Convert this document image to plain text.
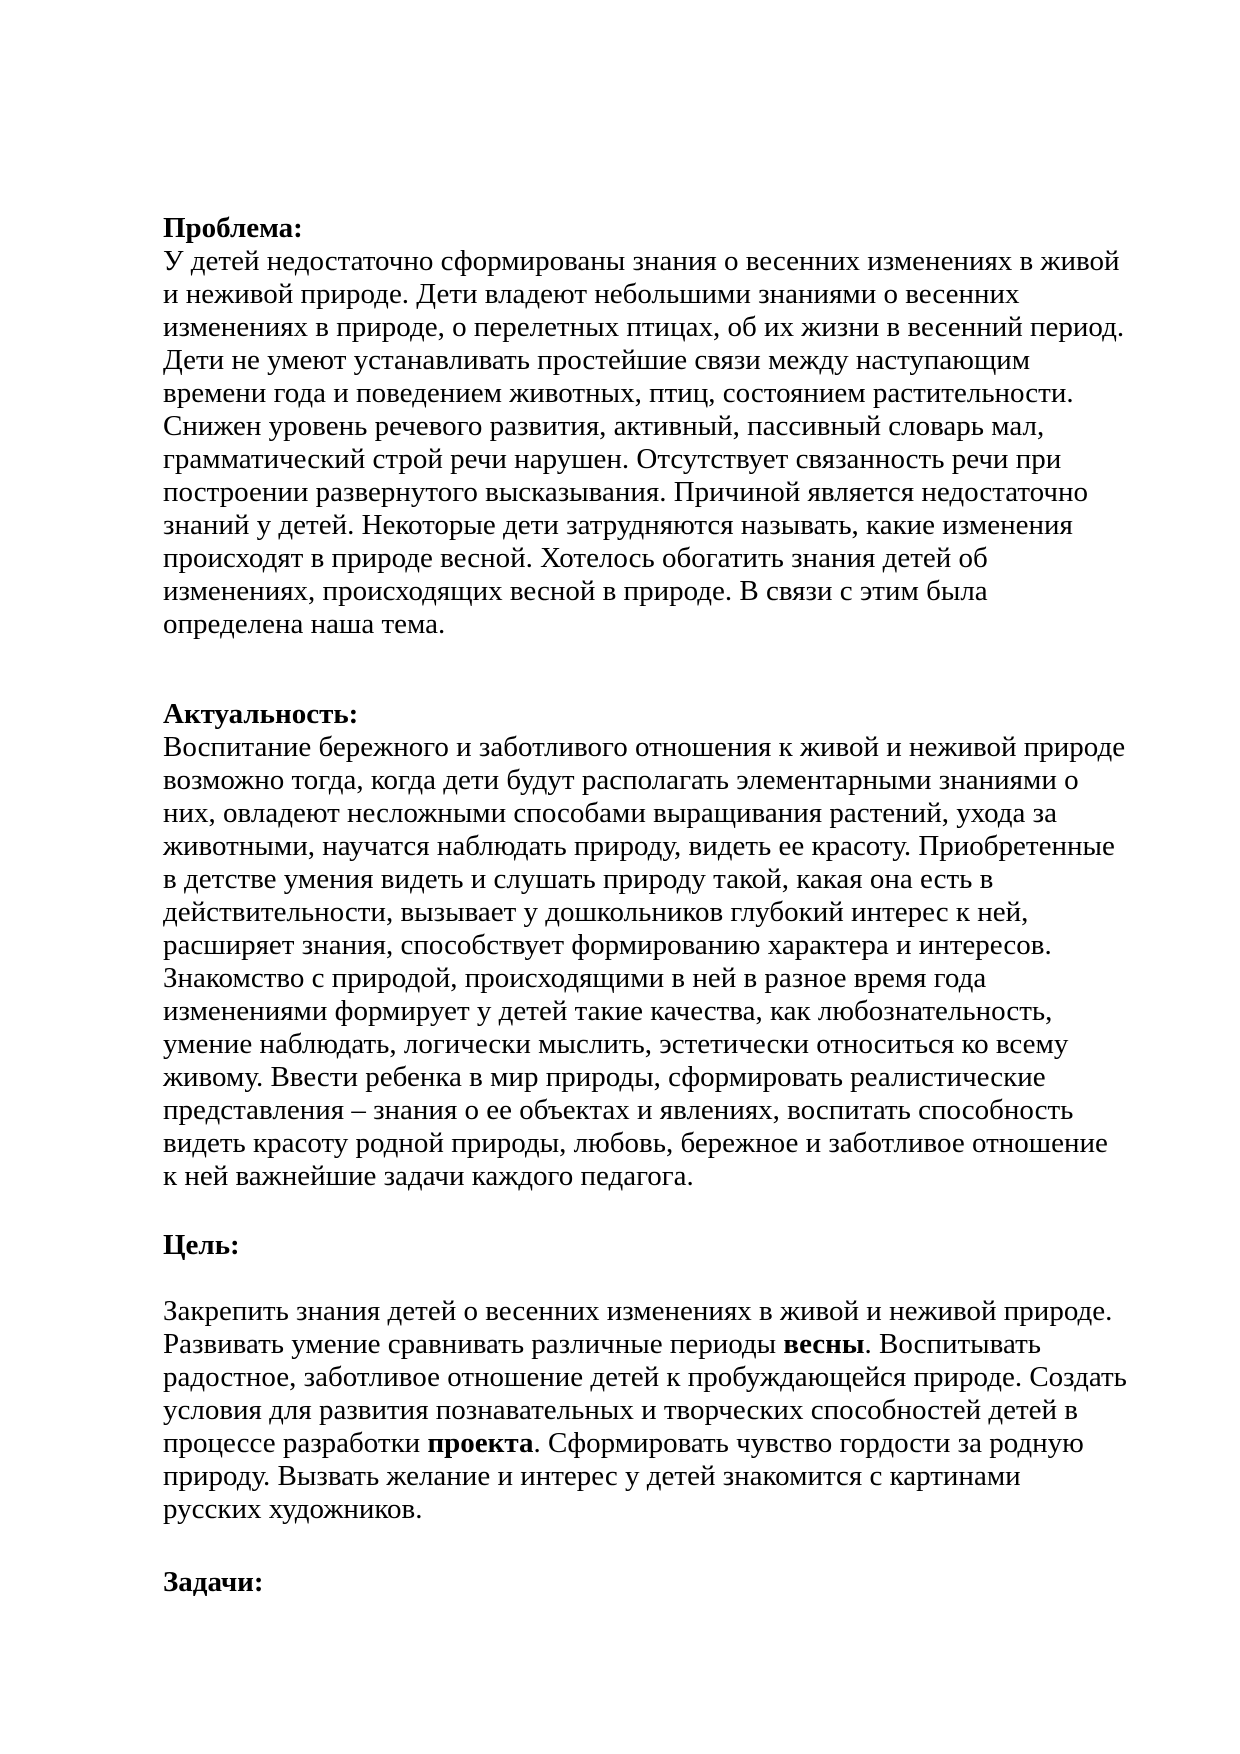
Проблема:
У детей недостаточно сформированы знания о весенних изменениях в живой
и неживой природе. Дети владеют небольшими знаниями о весенних
изменениях в природе, о перелетных птицах, об их жизни в весенний период.
Дети не умеют устанавливать простейшие связи между наступающим
времени года и поведением животных, птиц, состоянием растительности.
Снижен уровень речевого развития, активный, пассивный словарь мал,
грамматический строй речи нарушен. Отсутствует связанность речи при
построении развернутого высказывания. Причиной является недостаточно
знаний у детей. Некоторые дети затрудняются называть, какие изменения
происходят в природе весной. Хотелось обогатить знания детей об
изменениях, происходящих весной в природе. В связи с этим была
определена наша тема.
Актуальность:
Воспитание бережного и заботливого отношения к живой и неживой природе
возможно тогда, когда дети будут располагать элементарными знаниями о
них, овладеют несложными способами выращивания растений, ухода за
животными, научатся наблюдать природу, видеть ее красоту. Приобретенные
в детстве умения видеть и слушать природу такой, какая она есть в
действительности, вызывает у дошкольников глубокий интерес к ней,
расширяет знания, способствует формированию характера и интересов.
Знакомство с природой, происходящими в ней в разное время года
изменениями формирует у детей такие качества, как любознательность,
умение наблюдать, логически мыслить, эстетически относиться ко всему
живому. Ввести ребенка в мир природы, сформировать реалистические
представления – знания о ее объектах и явлениях, воспитать способность
видеть красоту родной природы, любовь, бережное и заботливое отношение
к ней важнейшие задачи каждого педагога.
Цель:
Закрепить знания детей о весенних изменениях в живой и неживой природе.
Развивать умение сравнивать различные периоды весны. Воспитывать
радостное, заботливое отношение детей к пробуждающейся природе. Создать
условия для развития познавательных и творческих способностей детей в
процессе разработки проекта. Сформировать чувство гордости за родную
природу. Вызвать желание и интерес у детей знакомится с картинами
русских художников.
Задачи:
